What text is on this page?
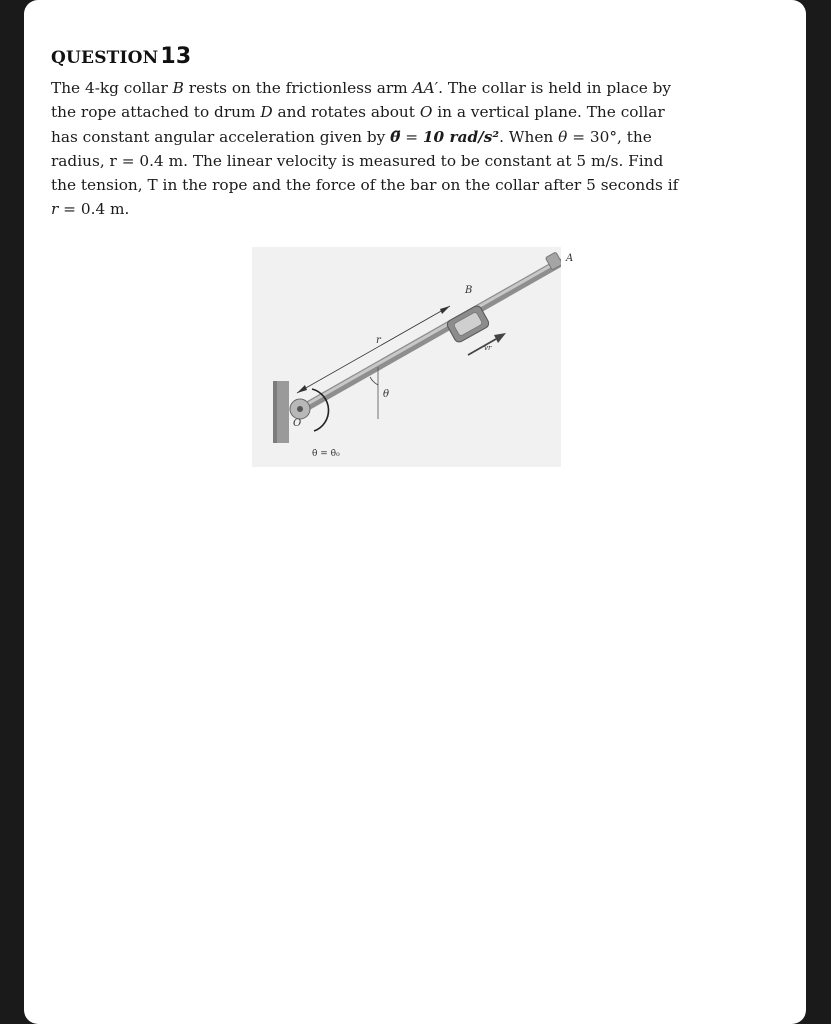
QUESTION13

The 4-kg collar B rests on the frictionless arm AA′. The collar is held in place by
the rope attached to drum D and rotates about O in a vertical plane. The collar
has constant angular acceleration given by θ̈ = 10 rad/s². When θ = 30°, the
radius, r = 0.4 m. The linear velocity is measured to be constant at 5 m/s. Find
the tension, T in the rope and the force of the bar on the collar after 5 seconds if
r = 0.4 m.

A
B
r
θ
O
vr
θ̇ = θ̇₀
